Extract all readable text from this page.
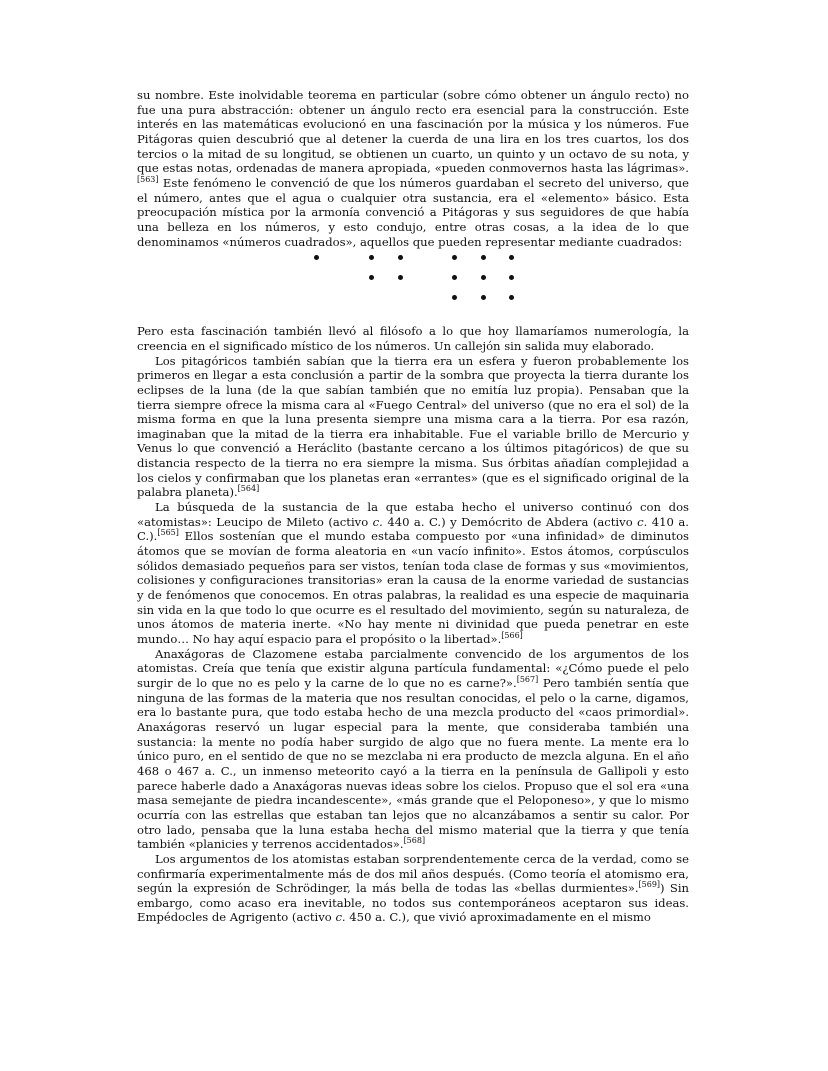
su nombre. Este inolvidable teorema en particular (sobre cómo obtener un ángulo recto) no fue una pura abstracción: obtener un ángulo recto era esencial para la construcción. Este interés en las matemáticas evolucionó en una fascinación por la música y los números. Fue Pitágoras quien descubrió que al detener la cuerda de una lira en los tres cuartos, los dos tercios o la mitad de su longitud, se obtienen un cuarto, un quinto y un octavo de su nota, y que estas notas, ordenadas de manera apropiada, «pueden conmovernos hasta las lágrimas».[563] Este fenómeno le convenció de que los números guardaban el secreto del universo, que el número, antes que el agua o cualquier otra sustancia, era el «elemento» básico. Esta preocupación mística por la armonía convenció a Pitágoras y sus seguidores de que había una belleza en los números, y esto condujo, entre otras cosas, a la idea de lo que denominamos «números cuadrados», aquellos que pueden representar mediante cuadrados:

Pero esta fascinación también llevó al filósofo a lo que hoy llamaríamos numerología, la creencia en el significado místico de los números. Un callejón sin salida muy elaborado.

Los pitagóricos también sabían que la tierra era un esfera y fueron probablemente los primeros en llegar a esta conclusión a partir de la sombra que proyecta la tierra durante los eclipses de la luna (de la que sabían también que no emitía luz propia). Pensaban que la tierra siempre ofrece la misma cara al «Fuego Central» del universo (que no era el sol) de la misma forma en que la luna presenta siempre una misma cara a la tierra. Por esa razón, imaginaban que la mitad de la tierra era inhabitable. Fue el variable brillo de Mercurio y Venus lo que convenció a Heráclito (bastante cercano a los últimos pitagóricos) de que su distancia respecto de la tierra no era siempre la misma. Sus órbitas añadían complejidad a los cielos y confirmaban que los planetas eran «errantes» (que es el significado original de la palabra planeta).[564]

La búsqueda de la sustancia de la que estaba hecho el universo continuó con dos «atomistas»: Leucipo de Mileto (activo c. 440 a. C.) y Demócrito de Abdera (activo c. 410 a. C.).[565] Ellos sostenían que el mundo estaba compuesto por «una infinidad» de diminutos átomos que se movían de forma aleatoria en «un vacío infinito». Estos átomos, corpúsculos sólidos demasiado pequeños para ser vistos, tenían toda clase de formas y sus «movimientos, colisiones y configuraciones transitorias» eran la causa de la enorme variedad de sustancias y de fenómenos que conocemos. En otras palabras, la realidad es una especie de maquinaria sin vida en la que todo lo que ocurre es el resultado del movimiento, según su naturaleza, de unos átomos de materia inerte. «No hay mente ni divinidad que pueda penetrar en este mundo… No hay aquí espacio para el propósito o la libertad».[566]

Anaxágoras de Clazomene estaba parcialmente convencido de los argumentos de los atomistas. Creía que tenía que existir alguna partícula fundamental: «¿Cómo puede el pelo surgir de lo que no es pelo y la carne de lo que no es carne?».[567] Pero también sentía que ninguna de las formas de la materia que nos resultan conocidas, el pelo o la carne, digamos, era lo bastante pura, que todo estaba hecho de una mezcla producto del «caos primordial». Anaxágoras reservó un lugar especial para la mente, que consideraba también una sustancia: la mente no podía haber surgido de algo que no fuera mente. La mente era lo único puro, en el sentido de que no se mezclaba ni era producto de mezcla alguna. En el año 468 o 467 a. C., un inmenso meteorito cayó a la tierra en la península de Gallipoli y esto parece haberle dado a Anaxágoras nuevas ideas sobre los cielos. Propuso que el sol era «una masa semejante de piedra incandescente», «más grande que el Peloponeso», y que lo mismo ocurría con las estrellas que estaban tan lejos que no alcanzábamos a sentir su calor. Por otro lado, pensaba que la luna estaba hecha del mismo material que la tierra y que tenía también «planicies y terrenos accidentados».[568]

Los argumentos de los atomistas estaban sorprendentemente cerca de la verdad, como se confirmaría experimentalmente más de dos mil años después. (Como teoría el atomismo era, según la expresión de Schrödinger, la más bella de todas las «bellas durmientes».[569]) Sin embargo, como acaso era inevitable, no todos sus contemporáneos aceptaron sus ideas. Empédocles de Agrigento (activo c. 450 a. C.), que vivió aproximadamente en el mismo
